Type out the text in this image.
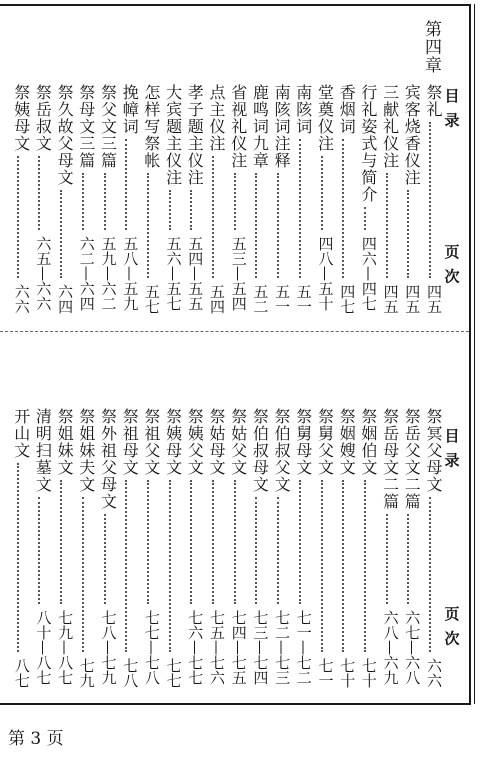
第四章
目 录
页 次
目 录
页 次
祭礼
四五
宾客烧香仪注
四五
三献礼仪注
四五
行礼姿式与简介
四六—四七
香烟词
四七
堂奠仪注
四八—五十
南陔词
五一
南陔词注释
五一
鹿鸣词九章
五二
省视礼仪注
五三—五四
点主仪注
五四
孝子题主仪注
五四—五五
大宾题主仪注
五六—五七
怎样写祭帐
五七
挽幛词
五八—五九
祭父文三篇
五九—六二
祭母文三篇
六二—六四
祭久故父母文
六四
祭岳叔文
六五—六六
祭姨母文
六六
祭冥父母文
六六
祭岳父文二篇
六七—六八
祭岳母文二篇
六八—六九
祭姻伯文
七十
祭姻嫂文
七十
祭舅父文
七一
祭舅母文
七一—七二
祭伯叔父文
七二—七三
祭伯叔母文
七三—七四
祭姑父文
七四—七五
祭姑母文
七五—七六
祭姨父文
七六—七七
祭姨母文
七七
祭祖父文
七七—七八
祭祖母文
七八
祭外祖父母文
七八—七九
祭姐妹夫文
七九
祭姐妹文
七九—八七
清明扫墓文
八十—八七
开山文
八七
第 3 页
